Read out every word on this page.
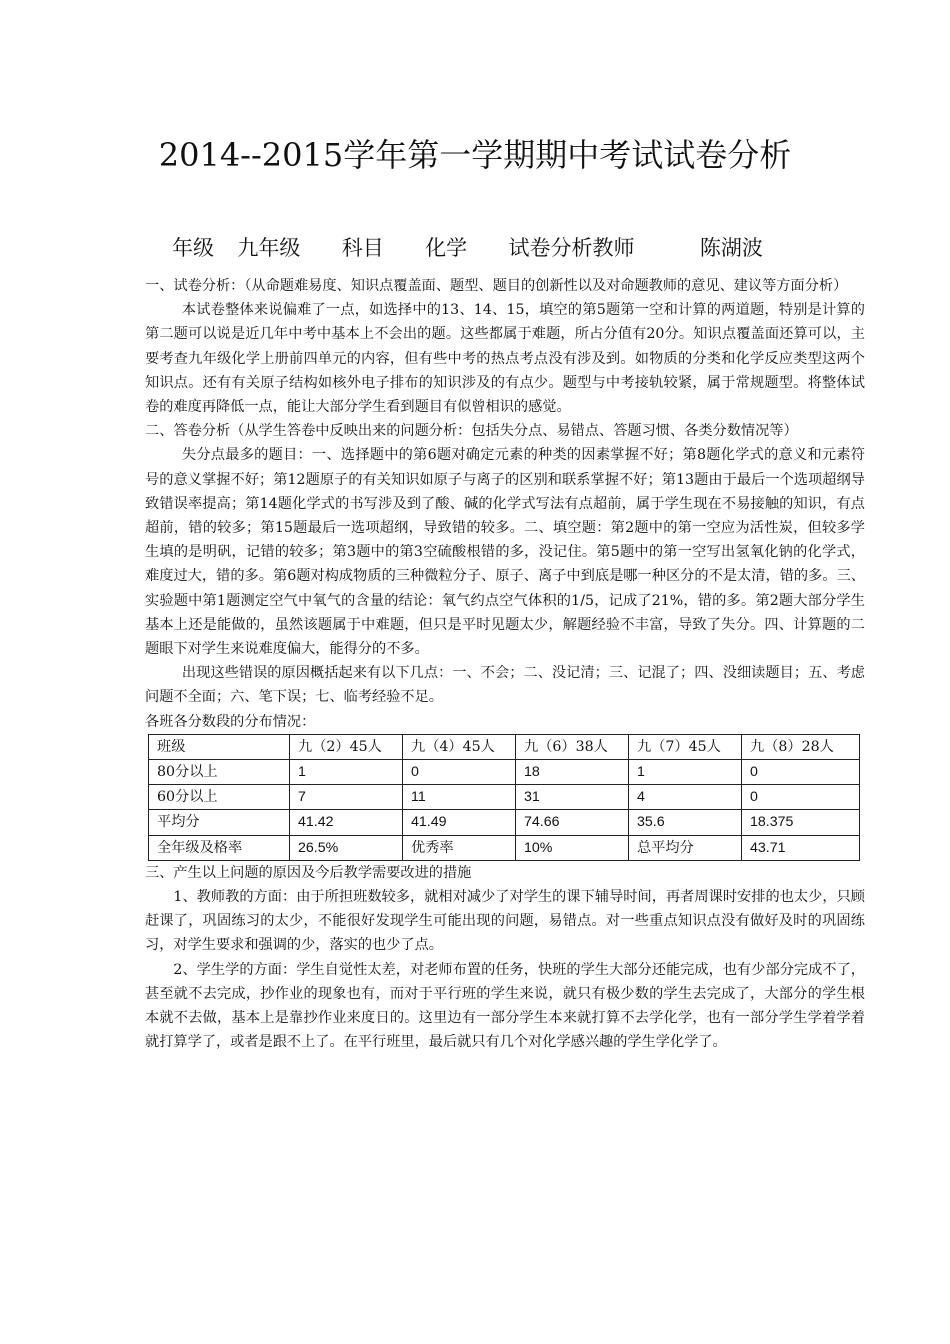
2014--2015学年第一学期期中考试试卷分析
年级 九年级 科目 化学 试卷分析教师	陈湖波

一、试卷分析：（从命题难易度、知识点覆盖面、题型、题目的创新性以及对命题教师的意见、建议等方面分析）

本试卷整体来说偏难了一点，如选择中的13、14、15，填空的第5题第一空和计算的两道题，特别是计算的第二题可以说是近几年中考中基本上不会出的题。这些都属于难题，所占分值有20分。知识点覆盖面还算可以，主要考查九年级化学上册前四单元的内容，但有些中考的热点考点没有涉及到。如物质的分类和化学反应类型这两个知识点。还有有关原子结构如核外电子排布的知识涉及的有点少。题型与中考接轨较紧，属于常规题型。将整体试卷的难度再降低一点，能让大部分学生看到题目有似曾相识的感觉。

二、答卷分析（从学生答卷中反映出来的问题分析：包括失分点、易错点、答题习惯、各类分数情况等）

失分点最多的题目：一、选择题中的第6题对确定元素的种类的因素掌握不好；第8题化学式的意义和元素符号的意义掌握不好；第12题原子的有关知识如原子与离子的区别和联系掌握不好；第13题由于最后一个选项超纲导致错误率提高；第14题化学式的书写涉及到了酸、碱的化学式写法有点超前，属于学生现在不易接触的知识，有点超前，错的较多；第15题最后一选项超纲，导致错的较多。二、填空题：第2题中的第一空应为活性炭，但较多学生填的是明矾，记错的较多；第3题中的第3空硫酸根错的多，没记住。第5题中的第一空写出氢氧化钠的化学式，难度过大，错的多。第6题对构成物质的三种微粒分子、原子、离子中到底是哪一种区分的不是太清，错的多。三、实验题中第1题测定空气中氧气的含量的结论：氧气约点空气体积的1/5，记成了21%，错的多。第2题大部分学生基本上还是能做的，虽然该题属于中难题，但只是平时见题太少，解题经验不丰富，导致了失分。四、计算题的二题眼下对学生来说难度偏大，能得分的不多。

出现这些错误的原因概括起来有以下几点：一、不会；二、没记清；三、记混了；四、没细读题目；五、考虑问题不全面；六、笔下误；七、临考经验不足。

各班各分数段的分布情况：

班级	九（2）45人	九（4）45人	九（6）38人	九（7）45人	九（8）28人
80分以上	1	0	18	1	0
60分以上	7	11	31	4	0
平均分	41.42	41.49	74.66	35.6	18.375
全年级及格率	26.5%	优秀率	10%	总平均分	43.71

三、产生以上问题的原因及今后教学需要改进的措施

1、教师教的方面：由于所担班数较多，就相对减少了对学生的课下辅导时间，再者周课时安排的也太少，只顾赶课了，巩固练习的太少，不能很好发现学生可能出现的问题，易错点。对一些重点知识点没有做好及时的巩固练习，对学生要求和强调的少，落实的也少了点。

2、学生学的方面：学生自觉性太差，对老师布置的任务，快班的学生大部分还能完成，也有少部分完成不了，甚至就不去完成，抄作业的现象也有，而对于平行班的学生来说，就只有极少数的学生去完成了，大部分的学生根本就不去做，基本上是靠抄作业来度日的。这里边有一部分学生本来就打算不去学化学，也有一部分学生学着学着就打算学了，或者是跟不上了。在平行班里，最后就只有几个对化学感兴趣的学生学化学了。
